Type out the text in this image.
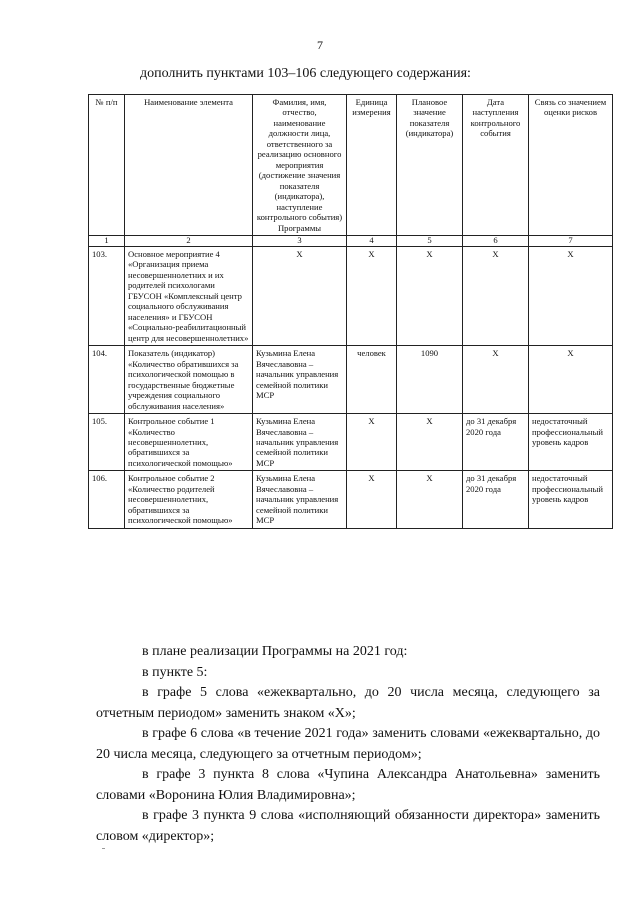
7
дополнить пунктами 103–106 следующего содержания:
№ п/п	Наименование элемента	Фамилия, имя, отчество, наименование должности лица, ответственного за реализацию основного мероприятия (достижение значения показателя (индикатора), наступление контрольного события) Программы	Единица измерения	Плановое значение показателя (индикатора)	Дата наступления контрольного события	Связь со значением оценки рисков
1	2	3	4	5	6	7
103.	Основное мероприятие 4 «Организация приема несовершеннолетних и их родителей психологами ГБУСОН «Комплексный центр социального обслуживания населения» и ГБУСОН «Социально-реабилитационный центр для несовершеннолетних»	X	X	X	X	X
104.	Показатель (индикатор) «Количество обратившихся за психологической помощью в государственные бюджетные учреждения социального обслуживания населения»	Кузьмина Елена Вячеславовна – начальник управления семейной политики МСР	человек	1090	X	X
105.	Контрольное событие 1 «Количество несовершеннолетних, обратившихся за психологической помощью»	Кузьмина Елена Вячеславовна – начальник управления семейной политики МСР	X	X	до 31 декабря 2020 года	недостаточный профессиональный уровень кадров
106.	Контрольное событие 2 «Количество родителей несовершеннолетних, обратившихся за психологической помощью»	Кузьмина Елена Вячеславовна – начальник управления семейной политики МСР	X	X	до 31 декабря 2020 года	недостаточный профессиональный уровень кадров

в плане реализации Программы на 2021 год:

в пункте 5:

в графе 5 слова «ежеквартально, до 20 числа месяца, следующего за отчетным периодом» заменить знаком «Х»;

в графе 6 слова «в течение 2021 года» заменить словами «ежеквартально, до 20 числа месяца, следующего за отчетным периодом»;

в графе 3 пункта 8 слова «Чупина Александра Анатольевна» заменить словами «Воронина Юлия Владимировна»;

в графе 3 пункта 9 слова «исполняющий обязанности директора» заменить словом «директор»;
